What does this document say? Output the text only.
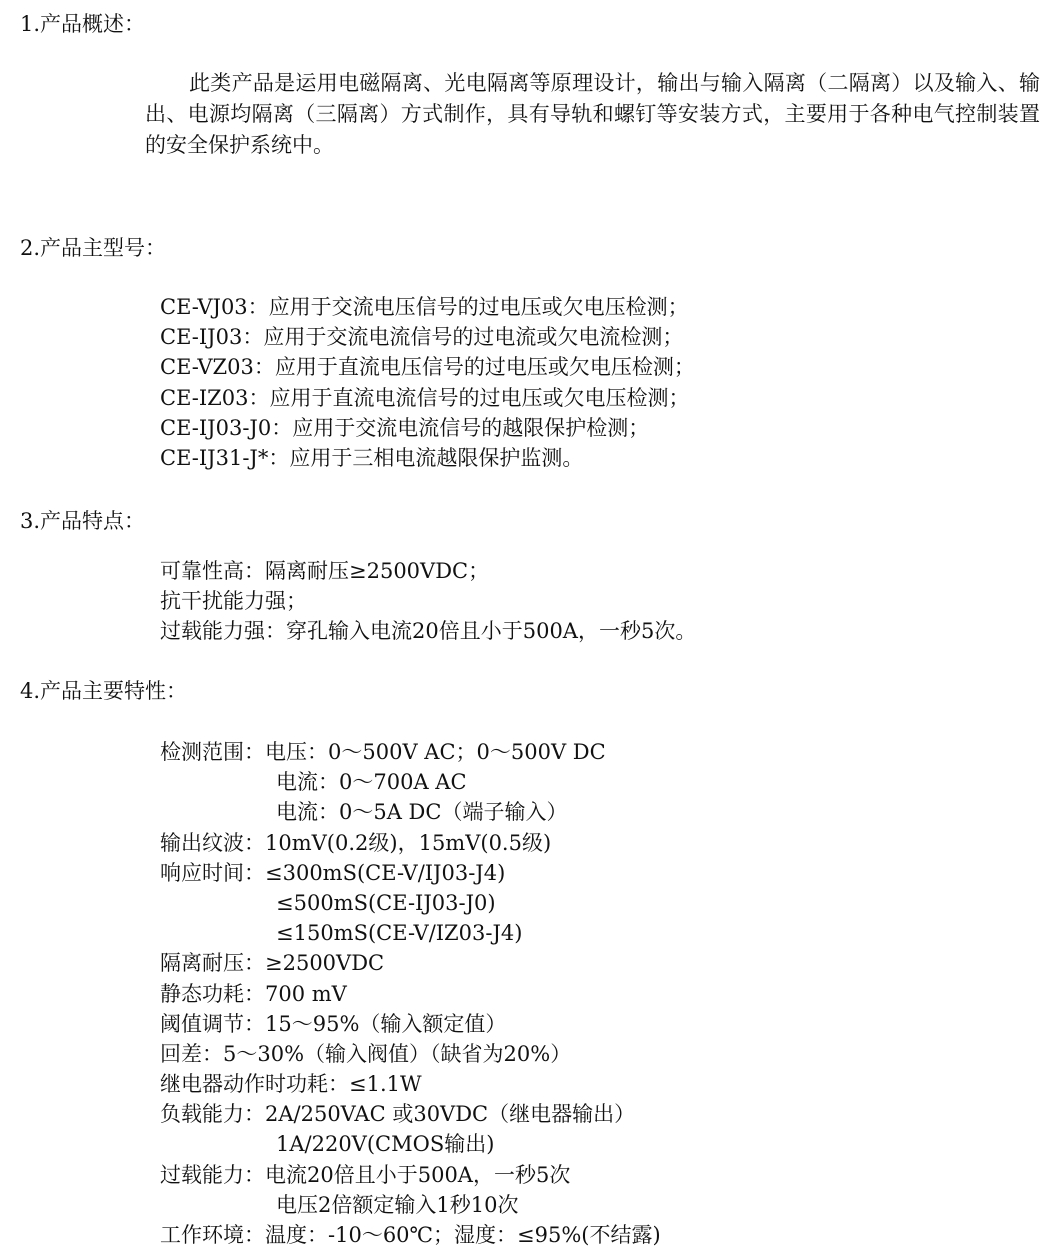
1.产品概述：

此类产品是运用电磁隔离、光电隔离等原理设计，输出与输入隔离（二隔离）以及输入、输出、电源均隔离（三隔离）方式制作，具有导轨和螺钉等安装方式，主要用于各种电气控制装置的安全保护系统中。

2.产品主型号：
CE-VJ03：应用于交流电压信号的过电压或欠电压检测；
CE-IJ03：应用于交流电流信号的过电流或欠电流检测；
CE-VZ03：应用于直流电压信号的过电压或欠电压检测；
CE-IZ03：应用于直流电流信号的过电压或欠电压检测；
CE-IJ03-J0：应用于交流电流信号的越限保护检测；
CE-IJ31-J*：应用于三相电流越限保护监测。
3.产品特点：
可靠性高：隔离耐压≥2500VDC；
抗干扰能力强；
过载能力强：穿孔输入电流20倍且小于500A，一秒5次。
4.产品主要特性：
检测范围：电压：0～500V AC；0～500V DC
电流：0～700A AC
电流：0～5A DC（端子输入）
输出纹波：10mV(0.2级)，15mV(0.5级)
响应时间：≤300mS(CE-V/IJ03-J4)
≤500mS(CE-IJ03-J0)
≤150mS(CE-V/IZ03-J4)
隔离耐压：≥2500VDC
静态功耗：700 mV
阈值调节：15～95%（输入额定值）
回差：5～30%（输入阀值）（缺省为20%）
继电器动作时功耗：≤1.1W
负载能力：2A/250VAC 或30VDC（继电器输出）
1A/220V(CMOS输出)
过载能力：电流20倍且小于500A，一秒5次
电压2倍额定输入1秒10次
工作环境：温度：-10～60℃；湿度：≤95%(不结露)
